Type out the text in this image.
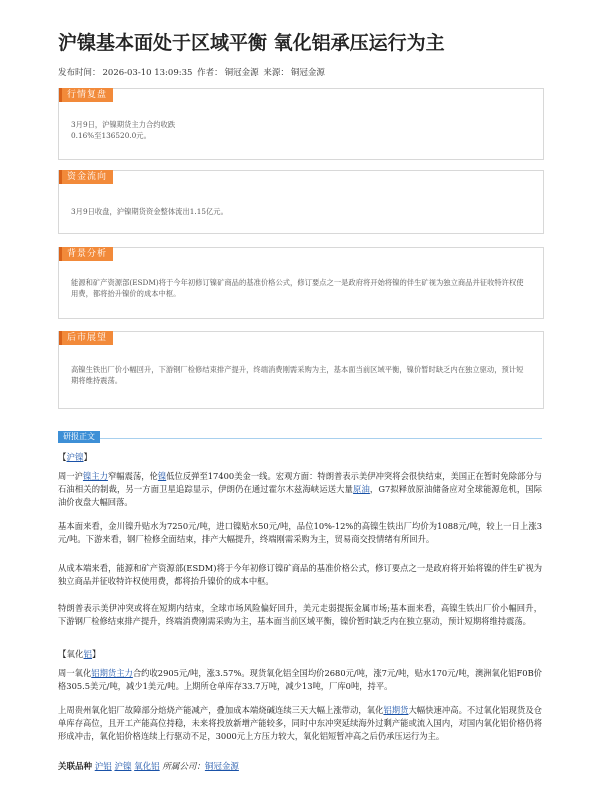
沪镍基本面处于区域平衡 氧化铝承压运行为主
发布时间： 2026-03-10 13:09:35 作者： 铜冠金源 来源： 铜冠金源
行情复盘
3月9日，沪镍期货主力合约收跌0.16%至136520.0元。
资金流向
3月9日收盘，沪镍期货资金整体流出1.15亿元。
背景分析
能源和矿产资源部(ESDM)将于今年初修订镍矿商品的基准价格公式，修订要点之一是政府将开始将镍的伴生矿视为独立商品并征收特许权使用费，都将抬升镍价的成本中枢。
后市展望
高镍生铁出厂价小幅回升，下游钢厂检修结束排产提升，终端消费刚需采购为主，基本面当前区域平衡，镍价暂时缺乏内在独立驱动，预计短期将维持震荡。
研报正文
【沪镍】

周一沪镍主力窄幅震荡，伦镍低位反弹至17400美金一线。宏观方面：特朗普表示美伊冲突将会很快结束，美国正在暂时免除部分与石油相关的制裁，另一方面卫星追踪显示，伊朗仍在通过霍尔木兹海峡运送大量原油，G7拟释放原油储备应对全球能源危机，国际油价夜盘大幅回落。

基本面来看，金川镍升贴水为7250元/吨，进口镍贴水50元/吨，品位10%-12%的高镍生铁出厂均价为1088元/吨，较上一日上涨3元/吨。下游来看，钢厂检修全面结束，排产大幅提升，终端刚需采购为主，贸易商交投情绪有所回升。

从成本端来看，能源和矿产资源部(ESDM)将于今年初修订镍矿商品的基准价格公式，修订要点之一是政府将开始将镍的伴生矿视为独立商品并征收特许权使用费，都将抬升镍价的成本中枢。

特朗普表示美伊冲突或将在短期内结束，全球市场风险偏好回升，美元走弱提振金属市场;基本面来看，高镍生铁出厂价小幅回升，下游钢厂检修结束排产提升，终端消费刚需采购为主，基本面当前区域平衡，镍价暂时缺乏内在独立驱动，预计短期将维持震荡。

【氧化铝】

周一氧化铝期货主力合约收2905元/吨，涨3.57%。现货氧化铝全国均价2680元/吨，涨7元/吨，贴水170元/吨，澳洲氧化铝F0B价格305.5美元/吨，减少1美元/吨。上期所仓单库存33.7万吨，减少13吨，厂库0吨，持平。

上周贵州氧化铝厂故障部分焙烧产能减产，叠加成本端烧碱连续三天大幅上涨带动，氧化铝期货大幅快速冲高。不过氧化铝现货及仓单库存高位，且开工产能高位持稳，未来将投放新增产能较多，同时中东冲突延续海外过剩产能或流入国内，对国内氧化铝价格仍将形成冲击，氧化铝价格连续上行驱动不足，3000元上方压力较大，氧化铝短暂冲高之后仍承压运行为主。

关联品种 沪铝 沪镍 氧化铝 所属公司：铜冠金源
